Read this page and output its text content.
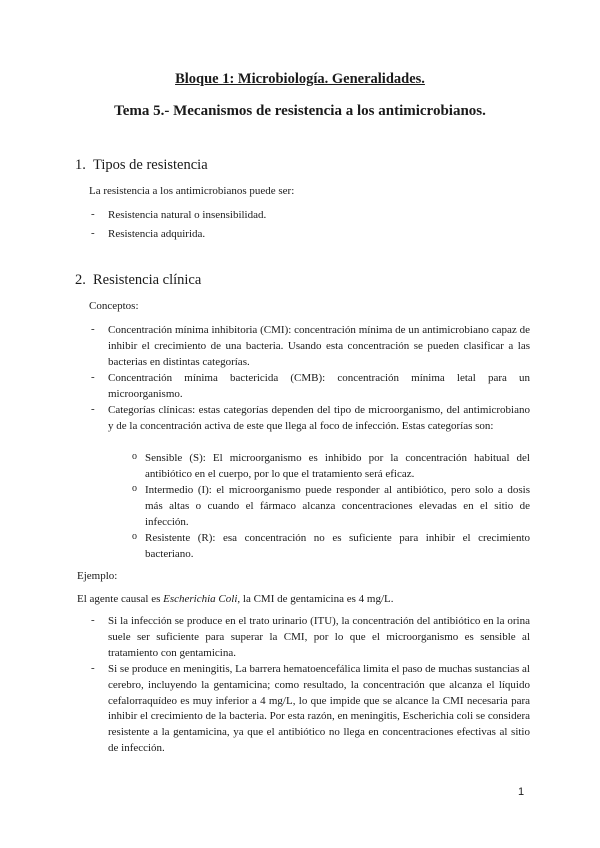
Bloque 1: Microbiología. Generalidades.
Tema 5.- Mecanismos de resistencia a los antimicrobianos.
1. Tipos de resistencia
La resistencia a los antimicrobianos puede ser:
- Resistencia natural o insensibilidad.
- Resistencia adquirida.
2. Resistencia clínica
Conceptos:
- Concentración mínima inhibitoria (CMI): concentración mínima de un antimicrobiano capaz de inhibir el crecimiento de una bacteria. Usando esta concentración se pueden clasificar a las bacterias en distintas categorías.
- Concentración mínima bactericida (CMB): concentración mínima letal para un microorganismo.
- Categorías clínicas: estas categorías dependen del tipo de microorganismo, del antimicrobiano y de la concentración activa de este que llega al foco de infección. Estas categorías son:
o Sensible (S): El microorganismo es inhibido por la concentración habitual del antibiótico en el cuerpo, por lo que el tratamiento será eficaz.
o Intermedio (I): el microorganismo puede responder al antibiótico, pero solo a dosis más altas o cuando el fármaco alcanza concentraciones elevadas en el sitio de infección.
o Resistente (R): esa concentración no es suficiente para inhibir el crecimiento bacteriano.
Ejemplo:
El agente causal es Escherichia Coli, la CMI de gentamicina es 4 mg/L.
- Si la infección se produce en el trato urinario (ITU), la concentración del antibiótico en la orina suele ser suficiente para superar la CMI, por lo que el microorganismo es sensible al tratamiento con gentamicina.
- Si se produce en meningitis, La barrera hematoencefálica limita el paso de muchas sustancias al cerebro, incluyendo la gentamicina; como resultado, la concentración que alcanza el líquido cefalorraquídeo es muy inferior a 4 mg/L, lo que impide que se alcance la CMI necesaria para inhibir el crecimiento de la bacteria. Por esta razón, en meningitis, Escherichia coli se considera resistente a la gentamicina, ya que el antibiótico no llega en concentraciones efectivas al sitio de infección.
1
